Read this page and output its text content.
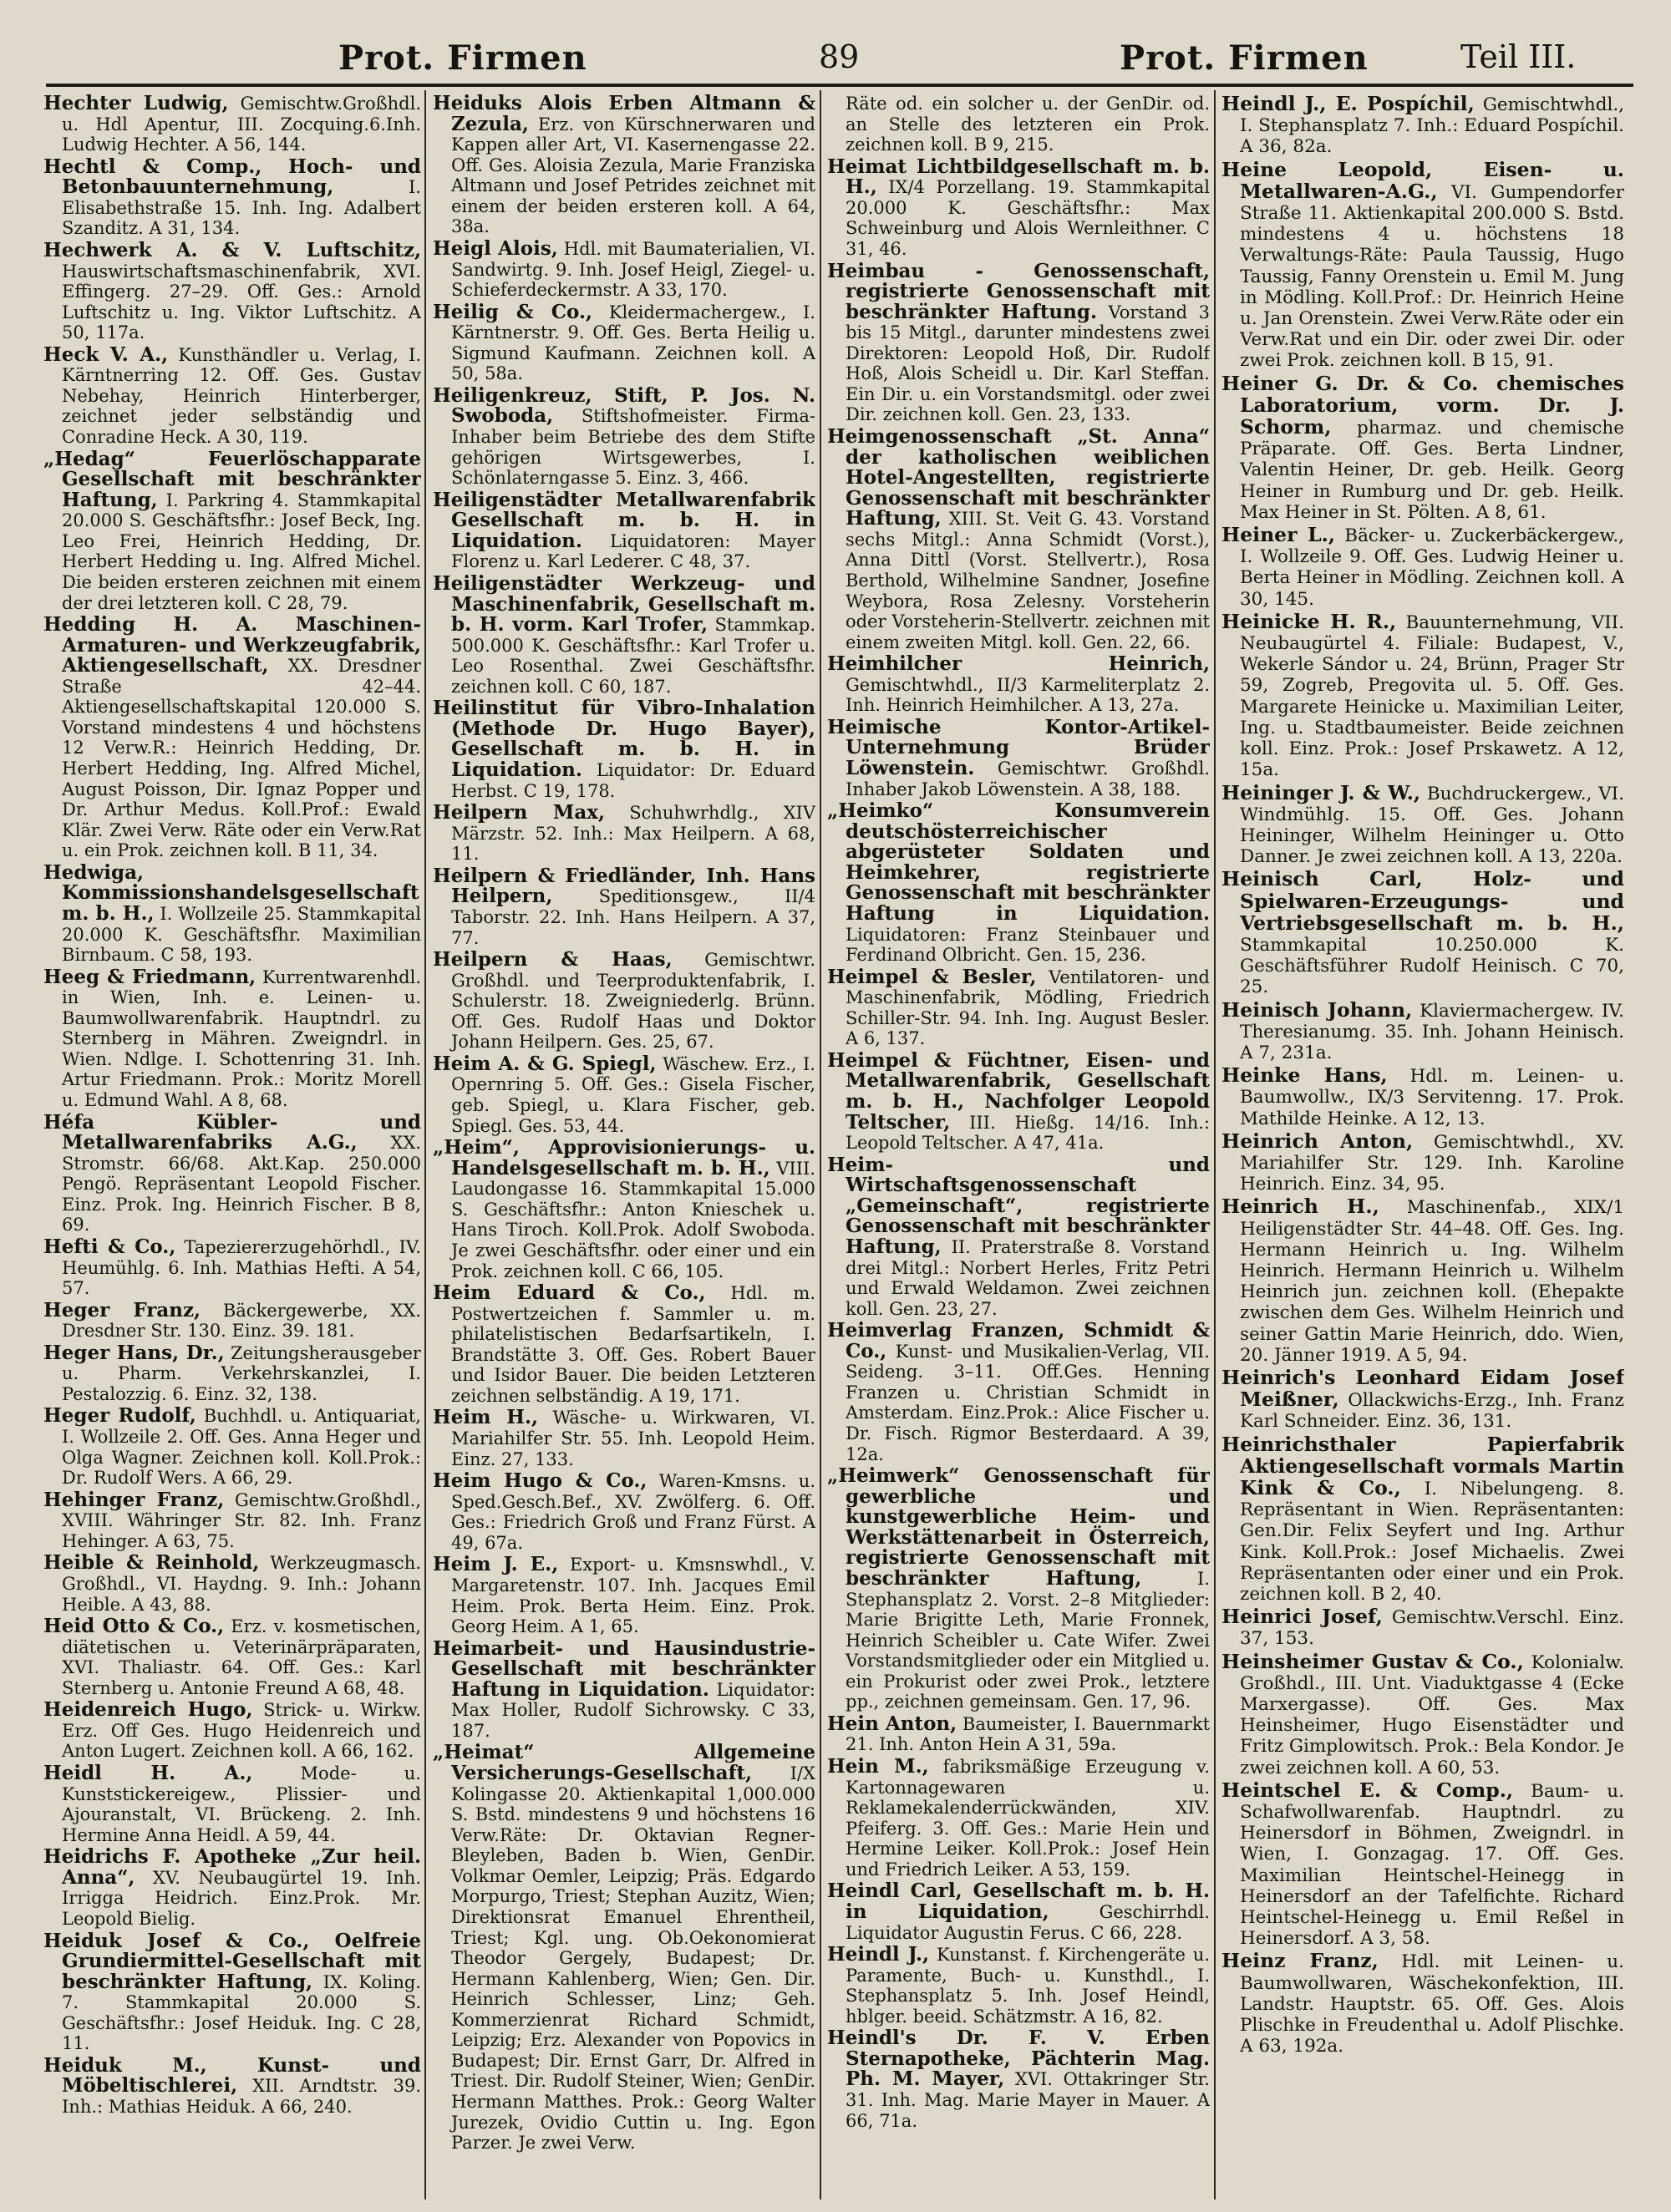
Prot. Firmen	89	Prot. Firmen	Teil III.

Hechter Ludwig, Gemischtw.Großhdl. u. Hdl Apentur, III. Zocquing.6.Inh. Ludwig Hechter. A 56, 144.

Hechtl & Comp., Hoch- und Betonbauunternehmung,	I. Elisabethstraße 15. Inh. Ing. Adalbert Szanditz. A 31, 134.

Hechwerk A. & V. Luftschitz, Hauswirtschaftsmaschinenfabrik, XVI. Effingerg. 27–29. Off. Ges.: Arnold Luftschitz u. Ing. Viktor Luftschitz. A 50, 117a.

Heck V. A., Kunsthändler u. Verlag, I. Kärntnerring 12. Off. Ges. Gustav Nebehay, Heinrich Hinterberger, zeichnet jeder selbständig und Conradine Heck. A 30, 119.

„Hedag“ Feuerlöschapparate Gesellschaft mit beschränkter Haftung, I. Parkring 4. Stammkapital 20.000 S. Geschäftsfhr.: Josef Beck, Ing. Leo Frei, Heinrich Hedding, Dr. Herbert Hedding u. Ing. Alfred Michel. Die beiden ersteren zeichnen mit einem der drei letzteren koll. C 28, 79.

Hedding H. A. Maschinen- Armaturen- und Werkzeugfabrik, Aktiengesellschaft, XX. Dresdner Straße 42–44. Aktiengesellschaftskapital 120.000 S. Vorstand mindestens 4 und höchstens 12 Verw.R.: Heinrich Hedding, Dr. Herbert Hedding, Ing. Alfred Michel, August Poisson, Dir. Ignaz Popper und Dr. Arthur Medus. Koll.Prof.: Ewald Klär. Zwei Verw. Räte oder ein Verw.Rat u. ein Prok. zeichnen koll. B 11, 34.

Hedwiga, Kommissionshandelsgesellschaft m. b. H., I. Wollzeile 25. Stammkapital 20.000 K. Geschäftsfhr. Maximilian Birnbaum. C 58, 193.

Heeg & Friedmann, Kurrentwarenhdl. in Wien, Inh. e. Leinen- u. Baumwollwarenfabrik. Hauptndrl. zu Sternberg in Mähren. Zweigndrl. in Wien. Ndlge. I. Schottenring 31. Inh. Artur Friedmann. Prok.: Moritz Morell u. Edmund Wahl. A 8, 68.

Héfa Kübler- und Metallwarenfabriks A.G., XX. Stromstr. 66/68. Akt.Kap. 250.000 Pengö. Repräsentant Leopold Fischer. Einz. Prok. Ing. Heinrich Fischer. B 8, 69.

Hefti & Co., Tapeziererzugehörhdl., IV. Heumühlg. 6. Inh. Mathias Hefti. A 54, 57.

Heger Franz, Bäckergewerbe, XX. Dresdner Str. 130. Einz. 39. 181.

Heger Hans, Dr., Zeitungsherausgeber u. Pharm. Verkehrskanzlei, I. Pestalozzig. 6. Einz. 32, 138.

Heger Rudolf, Buchhdl. u. Antiquariat, I. Wollzeile 2. Off. Ges. Anna Heger und Olga Wagner. Zeichnen koll. Koll.Prok.: Dr. Rudolf Wers. A 66, 29.

Hehinger Franz, Gemischtw.Großhdl., XVIII. Währinger Str. 82. Inh. Franz Hehinger. A 63, 75.

Heible & Reinhold, Werkzeugmasch. Großhdl., VI. Haydng. 9. Inh.: Johann Heible. A 43, 88.

Heid Otto & Co., Erz. v. kosmetischen, diätetischen u. Veterinärpräparaten, XVI. Thaliastr. 64. Off. Ges.: Karl Sternberg u. Antonie Freund A 68, 48.

Heidenreich Hugo, Strick- u. Wirkw. Erz. Off Ges. Hugo Heidenreich und Anton Lugert. Zeichnen koll. A 66, 162.

Heidl H. A.,	Mode- u. Kunststickereigew., Plissier- und Ajouranstalt, VI. Brückeng. 2. Inh. Hermine Anna Heidl. A 59, 44.

Heidrichs F. Apotheke „Zur heil. Anna“, XV. Neubaugürtel 19. Inh. Irrigga Heidrich. Einz.Prok. Mr. Leopold Bielig.

Heiduk Josef & Co., Oelfreie Grundiermittel-Gesellschaft mit beschränkter Haftung, IX. Koling. 7. Stammkapital 20.000 S. Geschäftsfhr.: Josef Heiduk. Ing. C 28, 11.

Heiduk M., Kunst- und Möbeltischlerei, XII. Arndtstr. 39. Inh.: Mathias Heiduk. A 66, 240.

Heiduks Alois Erben Altmann & Zezula, Erz. von Kürschnerwaren und Kappen aller Art, VI. Kasernengasse 22. Off. Ges. Aloisia Zezula, Marie Franziska Altmann und Josef Petrides zeichnet mit einem der beiden ersteren koll. A 64, 38a.

Heigl Alois, Hdl. mit Baumaterialien, VI. Sandwirtg. 9. Inh. Josef Heigl, Ziegel- u. Schieferdeckermstr. A 33, 170.

Heilig & Co., Kleidermachergew., I. Kärntnerstr. 9. Off. Ges. Berta Heilig u. Sigmund Kaufmann. Zeichnen koll. A 50, 58a.

Heiligenkreuz, Stift, P. Jos. N. Swoboda, Stiftshofmeister. Firma-Inhaber beim Betriebe des dem Stifte gehörigen Wirtsgewerbes, I. Schönlaterngasse 5. Einz. 3, 466.

Heiligenstädter Metallwarenfabrik Gesellschaft m. b. H. in Liquidation. Liquidatoren: Mayer Florenz u. Karl Lederer. C 48, 37.

Heiligenstädter Werkzeug- und Maschinenfabrik, Gesellschaft m. b. H. vorm. Karl Trofer, Stammkap. 500.000 K. Geschäftsfhr.: Karl Trofer u. Leo Rosenthal. Zwei Geschäftsfhr. zeichnen koll. C 60, 187.

Heilinstitut für Vibro-Inhalation (Methode Dr. Hugo Bayer), Gesellschaft m. b. H. in Liquidation. Liquidator: Dr. Eduard Herbst. C 19, 178.

Heilpern Max, Schuhwrhdlg., XIV Märzstr. 52. Inh.: Max Heilpern. A 68, 11.

Heilpern & Friedländer, Inh. Hans Heilpern,	Speditionsgew., II/4 Taborstr. 22. Inh. Hans Heilpern. A 37, 77.

Heilpern & Haas, Gemischtwr. Großhdl. und Teerproduktenfabrik, I. Schulerstr. 18. Zweigniederlg. Brünn. Off. Ges. Rudolf Haas und Doktor Johann Heilpern. Ges. 25, 67.

Heim A. & G. Spiegl, Wäschew. Erz., I. Opernring 5. Off. Ges.: Gisela Fischer, geb. Spiegl, u. Klara Fischer, geb. Spiegl. Ges. 53, 44.

„Heim“, Approvisionierungs- u. Handelsgesellschaft m. b. H., VIII. Laudongasse 16. Stammkapital 15.000 S. Geschäftsfhr.: Anton Knieschek u. Hans Tiroch. Koll.Prok. Adolf Swoboda. Je zwei Geschäftsfhr. oder einer und ein Prok. zeichnen koll. C 66, 105.

Heim Eduard & Co., Hdl. m. Postwertzeichen f. Sammler u. m. philatelistischen Bedarfsartikeln, I. Brandstätte 3. Off. Ges. Robert Bauer und Isidor Bauer. Die beiden Letzteren zeichnen selbständig. A 19, 171.

Heim H., Wäsche- u. Wirkwaren, VI. Mariahilfer Str. 55. Inh. Leopold Heim. Einz. 27, 133.

Heim Hugo & Co., Waren-Kmsns. u. Sped.Gesch.Bef., XV. Zwölferg. 6. Off. Ges.: Friedrich Groß und Franz Fürst. A 49, 67a.

Heim J. E., Export- u. Kmsnswhdl., V. Margaretenstr. 107. Inh. Jacques Emil Heim. Prok. Berta Heim. Einz. Prok. Georg Heim. A 1, 65.

Heimarbeit- und Hausindustrie-Gesellschaft mit beschränkter Haftung in Liquidation. Liquidator: Max Holler, Rudolf Sichrowsky. C 33, 187.

„Heimat“ Allgemeine Versicherungs-Gesellschaft, I/X Kolingasse 20. Aktienkapital 1,000.000 S. Bstd. mindestens 9 und höchstens 16 Verw.Räte: Dr. Oktavian Regner-Bleyleben, Baden b. Wien, GenDir. Volkmar Oemler, Leipzig; Präs. Edgardo Morpurgo, Triest; Stephan Auzitz, Wien; Direktionsrat Emanuel Ehrentheil, Triest; Kgl. ung. Ob.Oekonomierat Theodor Gergely, Budapest; Dr. Hermann Kahlenberg, Wien; Gen. Dir. Heinrich Schlesser, Linz; Geh. Kommerzienrat Richard Schmidt, Leipzig; Erz. Alexander von Popovics in Budapest; Dir. Ernst Garr, Dr. Alfred in Triest. Dir. Rudolf Steiner, Wien; GenDir. Hermann Matthes. Prok.: Georg Walter Jurezek, Ovidio Cuttin u. Ing. Egon Parzer. Je zwei Verw.

Räte od. ein solcher u. der GenDir. od. an Stelle des letzteren ein Prok. zeichnen koll. B 9, 215.

Heimat Lichtbildgesellschaft m. b. H., IX/4 Porzellang. 19. Stammkapital 20.000 K. Geschäftsfhr.: Max Schweinburg und Alois Wernleithner. C 31, 46.

Heimbau - Genossenschaft, registrierte Genossenschaft mit beschränkter Haftung. Vorstand 3 bis 15 Mitgl., darunter mindestens zwei Direktoren: Leopold Hoß, Dir. Rudolf Hoß, Alois Scheidl u. Dir. Karl Steffan. Ein Dir. u. ein Vorstandsmitgl. oder zwei Dir. zeichnen koll. Gen. 23, 133.

Heimgenossenschaft „St. Anna“ der katholischen weiblichen Hotel-Angestellten, registrierte Genossenschaft mit beschränkter Haftung, XIII. St. Veit G. 43. Vorstand sechs Mitgl.: Anna Schmidt (Vorst.), Anna Dittl (Vorst. Stellvertr.), Rosa Berthold, Wilhelmine Sandner, Josefine Weybora, Rosa Zelesny. Vorsteherin oder Vorsteherin-Stellvertr. zeichnen mit einem zweiten Mitgl. koll. Gen. 22, 66.

Heimhilcher Heinrich, Gemischtwhdl., II/3 Karmeliterplatz 2. Inh. Heinrich Heimhilcher. A 13, 27a.

Heimische Kontor-Artikel-Unternehmung Brüder Löwenstein. Gemischtwr. Großhdl. Inhaber Jakob Löwenstein. A 38, 188.

„Heimko“ Konsumverein deutschösterreichischer abgerüsteter Soldaten und Heimkehrer, registrierte Genossenschaft mit beschränkter Haftung in Liquidation. Liquidatoren: Franz Steinbauer und Ferdinand Olbricht. Gen. 15, 236.

Heimpel & Besler, Ventilatoren- und Maschinenfabrik, Mödling, Friedrich Schiller-Str. 94. Inh. Ing. August Besler. A 6, 137.

Heimpel & Füchtner, Eisen- und Metallwarenfabrik, Gesellschaft m. b. H., Nachfolger Leopold Teltscher, III. Hießg. 14/16. Inh.: Leopold Teltscher. A 47, 41a.

Heim- und Wirtschaftsgenossenschaft „Gemeinschaft“, registrierte Genossenschaft mit beschränkter Haftung, II. Praterstraße 8. Vorstand drei Mitgl.: Norbert Herles, Fritz Petri und Erwald Weldamon. Zwei zeichnen koll. Gen. 23, 27.

Heimverlag Franzen, Schmidt & Co., Kunst- und Musikalien-Verlag, VII. Seideng. 3–11. Off.Ges. Henning Franzen u. Christian Schmidt in Amsterdam. Einz.Prok.: Alice Fischer u. Dr. Fisch. Rigmor Besterdaard. A 39, 12a.

„Heimwerk“ Genossenschaft für gewerbliche und kunstgewerbliche Heim- und Werkstättenarbeit in Österreich, registrierte Genossenschaft mit beschränkter Haftung,	I. Stephansplatz 2. Vorst. 2–8 Mitglieder: Marie Brigitte Leth, Marie Fronnek, Heinrich Scheibler u. Cate Wifer. Zwei Vorstandsmitglieder oder ein Mitglied u. ein Prokurist oder zwei Prok., letztere pp., zeichnen gemeinsam. Gen. 17, 96.

Hein Anton, Baumeister, I. Bauernmarkt 21. Inh. Anton Hein A 31, 59a.

Hein M., fabriksmäßige Erzeugung v. Kartonnagewaren u. Reklamekalenderrückwänden, XIV. Pfeiferg. 3. Off. Ges.: Marie Hein und Hermine Leiker. Koll.Prok.: Josef Hein und Friedrich Leiker. A 53, 159.

Heindl Carl, Gesellschaft m. b. H. in Liquidation,	Geschirrhdl. Liquidator Augustin Ferus. C 66, 228.

Heindl J., Kunstanst. f. Kirchengeräte u. Paramente, Buch- u. Kunsthdl., I. Stephansplatz 5. Inh. Josef Heindl, hblger. beeid. Schätzmstr. A 16, 82.

Heindl's Dr. F. V. Erben Sternapotheke, Pächterin Mag. Ph. M. Mayer, XVI. Ottakringer Str. 31. Inh. Mag. Marie Mayer in Mauer. A 66, 71a.

Heindl J., E. Pospíchil, Gemischtwhdl., I. Stephansplatz 7. Inh.: Eduard Pospíchil. A 36, 82a.

Heine Leopold, Eisen- u. Metallwaren-A.G., VI. Gumpendorfer Straße 11. Aktienkapital 200.000 S. Bstd. mindestens 4 u. höchstens 18 Verwaltungs-Räte: Paula Taussig, Hugo Taussig, Fanny Orenstein u. Emil M. Jung in Mödling. Koll.Prof.: Dr. Heinrich Heine u. Jan Orenstein. Zwei Verw.Räte oder ein Verw.Rat und ein Dir. oder zwei Dir. oder zwei Prok. zeichnen koll. B 15, 91.

Heiner G. Dr. & Co. chemisches Laboratorium, vorm. Dr. J. Schorm, pharmaz. und chemische Präparate. Off. Ges. Berta Lindner, Valentin Heiner, Dr. geb. Heilk. Georg Heiner in Rumburg und Dr. geb. Heilk. Max Heiner in St. Pölten. A 8, 61.

Heiner L., Bäcker- u. Zuckerbäckergew., I. Wollzeile 9. Off. Ges. Ludwig Heiner u. Berta Heiner in Mödling. Zeichnen koll. A 30, 145.

Heinicke H. R., Bauunternehmung, VII. Neubaugürtel 4. Filiale: Budapest, V., Wekerle Sándor u. 24, Brünn, Prager Str 59, Zogreb, Pregovita ul. 5. Off. Ges. Margarete Heinicke u. Maximilian Leiter, Ing. u. Stadtbaumeister. Beide zeichnen koll. Einz. Prok.: Josef Prskawetz. A 12, 15a.

Heininger J. & W., Buchdruckergew., VI. Windmühlg. 15. Off. Ges. Johann Heininger, Wilhelm Heininger u. Otto Danner. Je zwei zeichnen koll. A 13, 220a.

Heinisch Carl, Holz- und Spielwaren-Erzeugungs- und Vertriebsgesellschaft m. b. H., Stammkapital 10.250.000 K. Geschäftsführer Rudolf Heinisch. C 70, 25.

Heinisch Johann, Klaviermachergew. IV. Theresianumg. 35. Inh. Johann Heinisch. A 7, 231a.

Heinke Hans, Hdl. m. Leinen- u. Baumwollw., IX/3 Servitenng. 17. Prok. Mathilde Heinke. A 12, 13.

Heinrich Anton, Gemischtwhdl., XV. Mariahilfer Str. 129. Inh. Karoline Heinrich. Einz. 34, 95.

Heinrich H., Maschinenfab., XIX/1 Heiligenstädter Str. 44–48. Off. Ges. Ing. Hermann Heinrich u. Ing. Wilhelm Heinrich. Hermann Heinrich u. Wilhelm Heinrich jun. zeichnen koll. (Ehepakte zwischen dem Ges. Wilhelm Heinrich und seiner Gattin Marie Heinrich, ddo. Wien, 20. Jänner 1919. A 5, 94.

Heinrich's Leonhard Eidam Josef Meißner, Ollackwichs-Erzg., Inh. Franz Karl Schneider. Einz. 36, 131.

Heinrichsthaler Papierfabrik Aktiengesellschaft vormals Martin Kink & Co., I. Nibelungeng. 8. Repräsentant in Wien. Repräsentanten: Gen.Dir. Felix Seyfert und Ing. Arthur Kink. Koll.Prok.: Josef Michaelis. Zwei Repräsentanten oder einer und ein Prok. zeichnen koll. B 2, 40.

Heinrici Josef, Gemischtw.Verschl. Einz. 37, 153.

Heinsheimer Gustav & Co., Kolonialw. Großhdl., III. Unt. Viaduktgasse 4 (Ecke Marxergasse). Off. Ges. Max Heinsheimer, Hugo Eisenstädter und Fritz Gimplowitsch. Prok.: Bela Kondor. Je zwei zeichnen koll. A 60, 53.

Heintschel E. & Comp., Baum- u. Schafwollwarenfab. Hauptndrl. zu Heinersdorf in Böhmen, Zweigndrl. in Wien, I. Gonzagag. 17. Off. Ges. Maximilian Heintschel-Heinegg in Heinersdorf an der Tafelfichte. Richard Heintschel-Heinegg u. Emil Reßel in Heinersdorf. A 3, 58.

Heinz Franz, Hdl. mit Leinen- u. Baumwollwaren, Wäschekonfektion, III. Landstr. Hauptstr. 65. Off. Ges. Alois Plischke in Freudenthal u. Adolf Plischke. A 63, 192a.
